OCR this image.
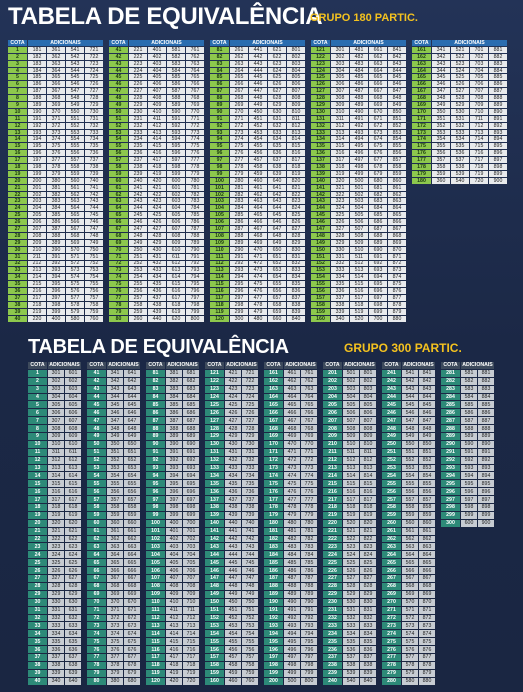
TABELA DE EQUIVALÊNCIA
GRUPO 180 PARTIC.
COTA	ADICIONAIS
1	181	361	541	721
2	182	362	542	722
3	183	363	543	723
4	184	364	544	724
5	185	365	545	725
6	186	366	546	726
7	187	367	547	727
8	188	368	548	728
9	189	369	549	729
10	190	370	550	730
11	191	371	551	731
12	192	372	552	732
13	193	373	553	733
14	194	374	554	734
15	195	375	555	735
16	196	376	556	736
17	197	377	557	737
18	198	378	558	738
19	199	379	559	739
20	200	380	560	740
21	201	381	561	741
22	202	382	562	742
23	203	383	563	743
24	204	384	564	744
25	205	385	565	745
26	206	386	566	746
27	207	387	567	747
28	208	388	568	748
29	209	389	569	749
30	210	390	570	750
31	211	391	571	751
32	212	392	572	752
33	213	393	573	753
34	214	394	574	754
35	215	395	575	755
36	216	396	576	756
37	217	397	577	757
38	218	398	578	758
39	219	399	579	759
40	220	400	580	760
COTA	ADICIONAIS
41	221	401	581	761
42	222	402	582	762
43	223	403	583	763
44	224	404	584	764
45	225	405	585	765
46	226	406	586	766
47	227	407	587	767
48	228	408	588	768
49	229	409	589	769
50	230	410	590	770
51	231	411	591	771
52	232	412	592	772
53	233	413	593	773
54	234	414	594	774
55	235	415	595	775
56	236	416	596	776
57	237	417	597	777
58	238	418	598	778
59	239	419	599	779
60	240	420	600	780
61	241	421	601	781
62	242	422	602	782
63	243	423	603	783
64	244	424	604	784
65	245	425	605	785
66	246	426	606	786
67	247	427	607	787
68	248	428	608	788
69	249	429	609	789
70	250	430	610	790
71	251	431	611	791
72	252	432	612	792
73	253	433	613	793
74	254	434	614	794
75	255	435	615	795
76	256	436	616	796
77	257	437	617	797
78	258	438	618	798
79	259	439	619	799
80	260	440	620	800
COTA	ADICIONAIS
81	261	441	621	801
82	262	442	622	802
83	263	443	623	803
84	264	444	624	804
85	265	445	625	805
86	266	446	626	806
87	267	447	627	807
88	268	448	628	808
89	269	449	629	809
90	270	450	630	810
91	271	451	631	811
92	272	452	632	812
93	273	453	633	813
94	274	454	634	814
95	275	455	635	815
96	276	456	636	816
97	277	457	637	817
98	278	458	638	818
99	279	459	639	819
100	280	460	640	820
101	281	461	641	821
102	282	462	642	822
103	283	463	643	823
104	284	464	644	824
105	285	465	645	825
106	286	466	646	826
107	287	467	647	827
108	288	468	648	828
109	289	469	649	829
110	290	470	650	830
111	291	471	651	831
112	292	472	652	832
113	293	473	653	833
114	294	474	654	834
115	295	475	655	835
116	296	476	656	836
117	297	477	657	837
118	298	478	658	838
119	299	479	659	839
120	300	480	660	840
COTA	ADICIONAIS
121	301	481	661	841
122	302	482	662	842
123	303	483	663	843
124	304	484	664	844
125	305	485	665	845
126	306	486	666	846
127	307	487	667	847
128	308	488	668	848
129	309	489	669	849
130	310	490	670	850
131	311	491	671	851
132	312	492	672	852
133	313	493	673	853
134	314	494	674	854
135	315	495	675	855
136	316	496	676	856
137	317	497	677	857
138	318	498	678	858
139	319	499	679	859
140	320	500	680	860
141	321	501	681	861
142	322	502	682	862
143	323	503	683	863
144	324	504	684	864
145	325	505	685	865
146	326	506	686	866
147	327	507	687	867
148	328	508	688	868
149	329	509	689	869
150	330	510	690	870
151	331	511	691	871
152	332	512	692	872
153	333	513	693	873
154	334	514	694	874
155	335	515	695	875
156	336	516	696	876
157	337	517	697	877
158	338	518	698	878
159	339	519	699	879
160	340	520	700	880
COTA	ADICIONAIS
161	341	521	701	881
162	342	522	702	882
163	343	523	703	883
164	344	524	704	884
165	345	525	705	885
166	346	526	706	886
167	347	527	707	887
168	348	528	708	888
169	349	529	709	889
170	350	530	710	890
171	351	531	711	891
172	352	532	712	892
173	353	533	713	893
174	354	534	714	894
175	355	535	715	895
176	356	536	716	896
177	357	537	717	897
178	358	538	718	898
179	359	539	719	899
180	360	540	720	900
TABELA DE EQUIVALÊNCIA	GRUPO 300 PARTIC.
COTA ADICIONAIS
1	301	601
2	302	602
3	303	603
4	304	604
5	305	605
6	306	606
7	307	607
8	308	608
9	309	609
10	310	610
11	311	611
12	312	612
13	313	613
14	314	614
15	315	615
16	316	616
17	317	617
18	318	618
19	319	619
20	320	620
21	321	621
22	322	622
23	323	623
24	324	624
25	325	625
26	326	626
27	327	627
28	328	628
29	329	629
30	330	630
31	331	631
32	332	632
33	333	633
34	334	634
35	335	635
36	336	636
37	337	637
38	338	638
39	339	639
40	340	640
COTA ADICIONAIS
41	341	641
42	342	642
43	343	643
44	344	644
45	345	645
46	346	646
47	347	647
48	348	648
49	349	649
50	350	650
51	351	651
52	352	652
53	353	653
54	354	654
55	355	655
56	356	656
57	357	657
58	358	658
59	359	659
60	360	660
61	361	661
62	362	662
63	363	663
64	364	664
65	365	665
66	366	666
67	367	667
68	368	668
69	369	669
70	370	670
71	371	671
72	372	672
73	373	673
74	374	674
75	375	675
76	376	676
77	377	677
78	378	678
79	379	679
80	380	680
COTA ADICIONAIS
81	381	681
82	382	682
83	383	683
84	384	684
85	385	685
86	386	686
87	387	687
88	388	688
89	389	689
90	390	690
91	391	691
92	392	692
93	393	693
94	394	694
95	395	695
96	396	696
97	397	697
98	398	698
99	399	699
100	400	700
101	401	701
102	402	702
103	403	703
104	404	704
105	405	705
106	406	706
107	407	707
108	408	708
109	409	709
110	410	710
111	411	711
112	412	712
113	413	713
114	414	714
115	415	715
116	416	716
117	417	717
118	418	718
119	419	719
120	420	720
COTA ADICIONAIS
121	421	721
122	422	722
123	423	723
124	424	724
125	425	725
126	426	726
127	427	727
128	428	728
129	429	729
130	430	730
131	431	731
132	432	732
133	433	733
134	434	734
135	435	735
136	436	736
137	437	737
138	438	738
139	439	739
140	440	740
141	441	741
142	442	742
143	443	743
144	444	744
145	445	745
146	446	746
147	447	747
148	448	748
149	449	749
150	450	750
151	451	751
152	452	752
153	453	753
154	454	754
155	455	755
156	456	756
157	457	757
158	458	758
159	459	759
160	460	760
COTA ADICIONAIS
161	461	761
162	462	762
163	463	763
164	464	764
165	465	765
166	466	766
167	467	767
168	468	768
169	469	769
170	470	770
171	471	771
172	472	772
173	473	773
174	474	774
175	475	775
176	476	776
177	477	777
178	478	778
179	479	779
180	480	780
181	481	781
182	482	782
183	483	783
184	484	784
185	485	785
186	486	786
187	487	787
188	488	788
189	489	789
190	490	790
191	491	791
192	492	792
193	493	793
194	494	794
195	495	795
196	496	796
197	497	797
198	498	798
199	499	799
200	500	800
COTA ADICIONAIS
201	501	801
202	502	802
203	503	803
204	504	804
205	505	805
206	506	806
207	507	807
208	508	808
209	509	809
210	510	810
211	511	811
212	512	812
213	513	813
214	514	814
215	515	815
216	516	816
217	517	817
218	518	818
219	519	819
220	520	820
221	521	821
222	522	822
223	523	823
224	524	824
225	525	825
226	526	826
227	527	827
228	528	828
229	529	829
230	530	830
231	531	831
232	532	832
233	533	833
234	534	834
235	535	835
236	536	836
237	537	837
238	538	838
239	539	839
240	540	840
COTA ADICIONAIS
241	541	841
242	542	842
243	543	843
244	544	844
245	545	845
246	546	846
247	547	847
248	548	848
249	549	849
250	550	850
251	551	851
252	552	852
253	553	853
254	554	854
255	555	855
256	556	856
257	557	857
258	558	858
259	559	859
260	560	860
261	561	861
262	562	862
263	563	863
264	564	864
265	565	865
266	566	866
267	567	867
268	568	868
269	569	869
270	570	870
271	571	871
272	572	872
273	573	873
274	574	874
275	575	875
276	576	876
277	577	877
278	578	878
279	579	879
280	580	880
COTA ADICIONAIS
281	581	881
282	582	882
283	583	883
284	584	884
285	585	885
286	586	886
287	587	887
288	588	888
289	589	889
290	590	890
291	591	891
292	592	892
293	593	893
294	594	894
295	595	895
296	596	896
297	597	897
298	598	898
299	599	899
300	600	900
